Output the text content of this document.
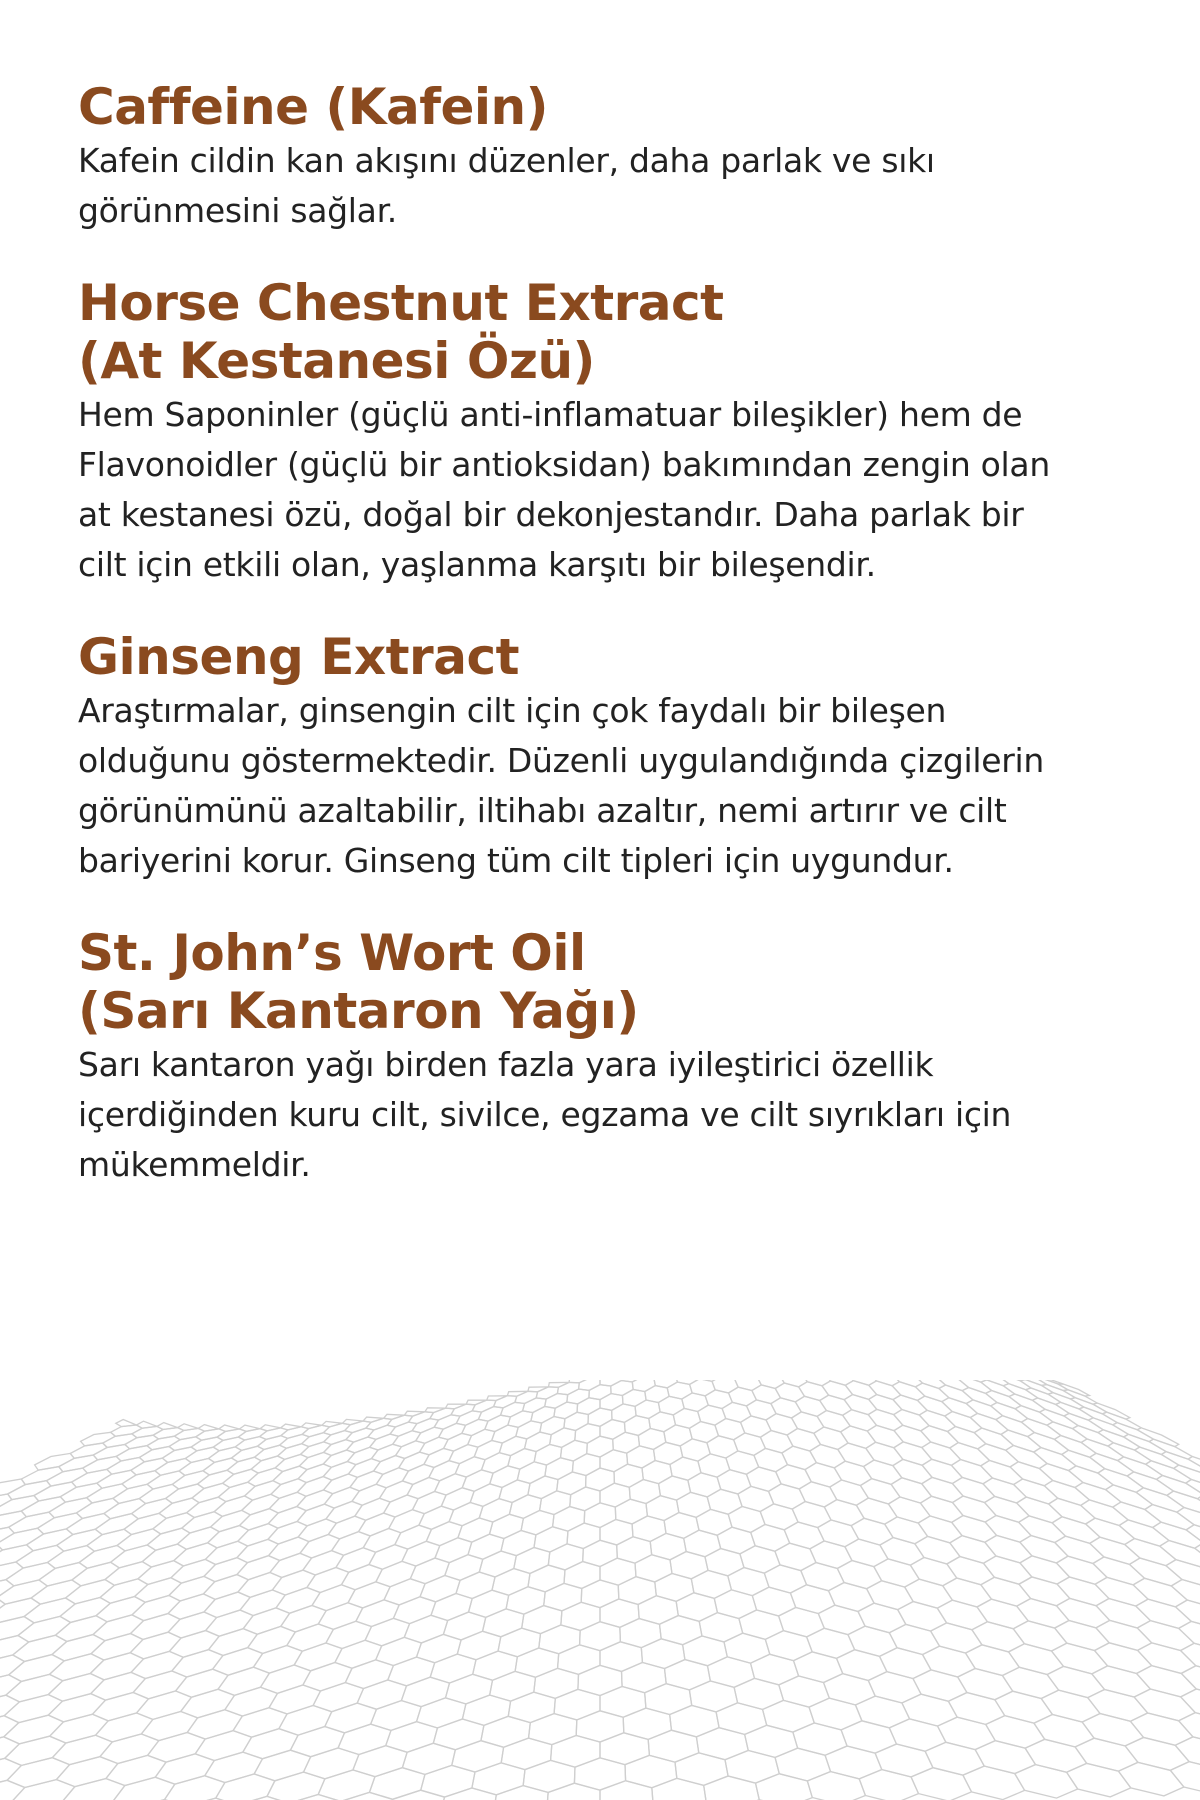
Caffeine (Kafein)

Kafein cildin kan akışını düzenler, daha parlak ve sıkı
görünmesini sağlar.

Horse Chestnut Extract
(At Kestanesi Özü)

Hem Saponinler (güçlü anti-inflamatuar bileşikler) hem de
Flavonoidler (güçlü bir antioksidan) bakımından zengin olan
at kestanesi özü, doğal bir dekonjestandır. Daha parlak bir
cilt için etkili olan, yaşlanma karşıtı bir bileşendir.

Ginseng Extract

Araştırmalar, ginsengin cilt için çok faydalı bir bileşen
olduğunu göstermektedir. Düzenli uygulandığında çizgilerin
görünümünü azaltabilir, iltihabı azaltır, nemi artırır ve cilt
bariyerini korur. Ginseng tüm cilt tipleri için uygundur.

St. John’s Wort Oil
(Sarı Kantaron Yağı)

Sarı kantaron yağı birden fazla yara iyileştirici özellik
içerdiğinden kuru cilt, sivilce, egzama ve cilt sıyrıkları için
mükemmeldir.
